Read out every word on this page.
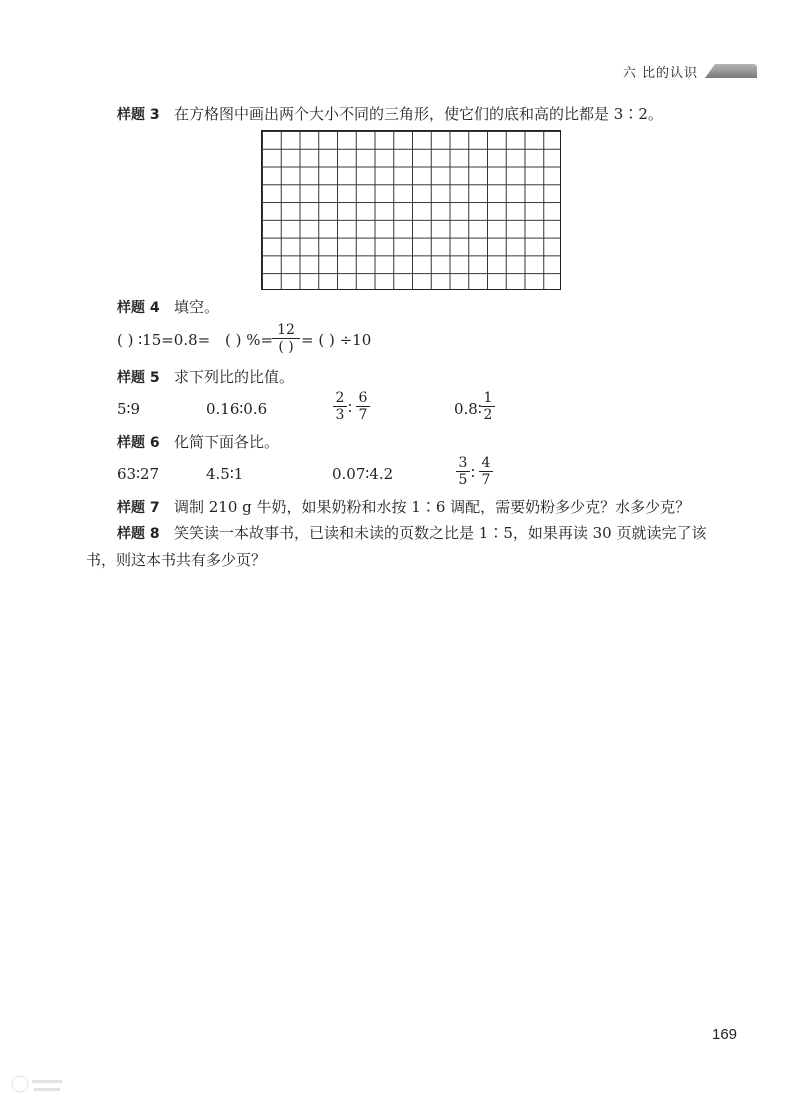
六 比的认识
样题 3 在方格图中画出两个大小不同的三角形，使它们的底和高的比都是 3∶2。
样题 4 填空。
( ) ∶15=0.8= ( ) %=
12
( ) = ( ) ÷10
样题 5 求下列比的比值。
5∶9	0.16∶0.6	$\frac{2}{3}$ ∶ $\frac{6}{7}$	0.8∶ $\frac{1}{2}$
样题 6 化简下面各比。
63∶27	4.5∶1	0.07∶4.2	$\frac{3}{5}$ ∶ $\frac{4}{7}$
样题 7 调制 210 g 牛奶，如果奶粉和水按 1∶6 调配，需要奶粉多少克？水多少克？
样题 8 笑笑读一本故事书，已读和未读的页数之比是 1∶5，如果再读 30 页就读完了该
书，则这本书共有多少页？
169
